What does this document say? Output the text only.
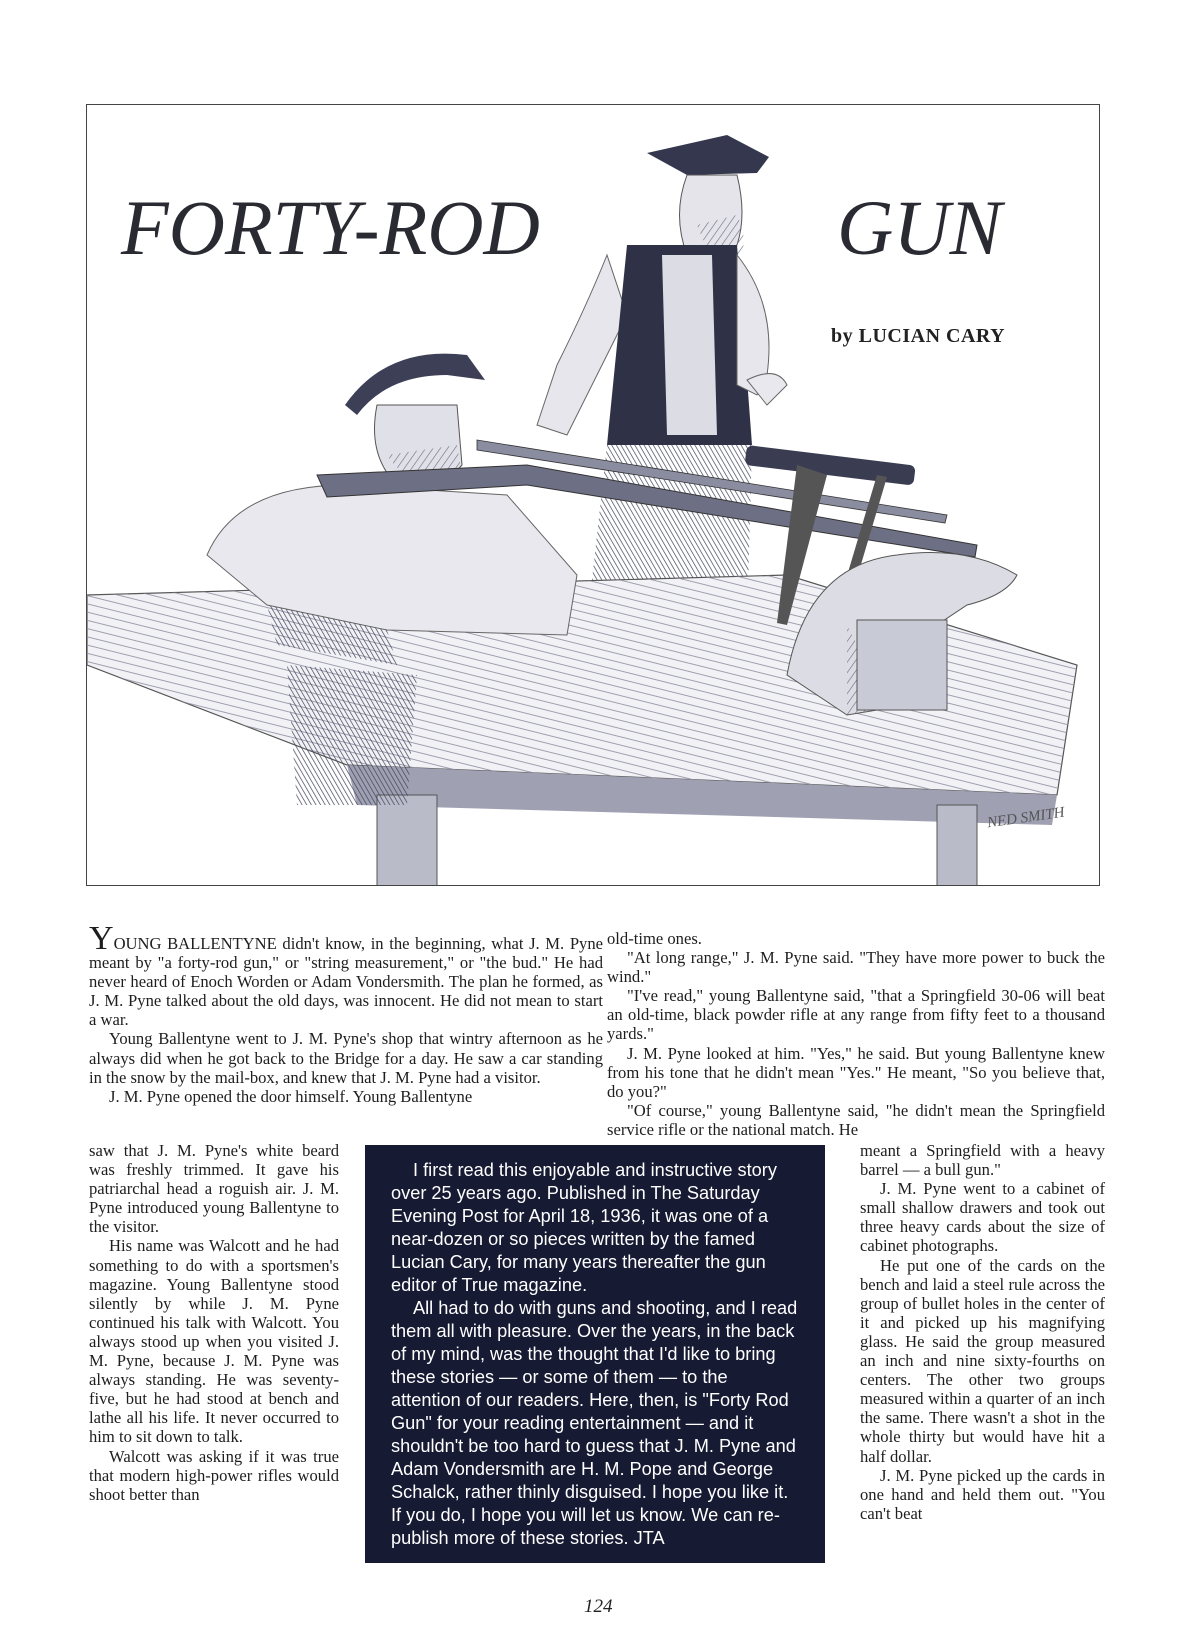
FORTY-ROD	GUN
by LUCIAN CARY
NED SMITH

YOUNG BALLENTYNE didn't know, in the beginning, what J. M. Pyne meant by "a forty-rod gun," or "string measurement," or "the bud." He had never heard of Enoch Worden or Adam Vondersmith. The plan he formed, as J. M. Pyne talked about the old days, was innocent. He did not mean to start a war.

Young Ballentyne went to J. M. Pyne's shop that wintry afternoon as he always did when he got back to the Bridge for a day. He saw a car standing in the snow by the mail-box, and knew that J. M. Pyne had a visitor.

J. M. Pyne opened the door himself. Young Ballentyne

saw that J. M. Pyne's white beard was freshly trimmed. It gave his patriarchal head a roguish air. J. M. Pyne introduced young Ballentyne to the visitor.

His name was Walcott and he had something to do with a sportsmen's magazine. Young Ballentyne stood silently by while J. M. Pyne continued his talk with Walcott. You always stood up when you visited J. M. Pyne, because J. M. Pyne was always standing. He was seventy-five, but he had stood at bench and lathe all his life. It never occurred to him to sit down to talk.

Walcott was asking if it was true that modern high-power rifles would shoot better than

old-time ones.

"At long range," J. M. Pyne said. "They have more power to buck the wind."

"I've read," young Ballentyne said, "that a Springfield 30-06 will beat an old-time, black powder rifle at any range from fifty feet to a thousand yards."

J. M. Pyne looked at him. "Yes," he said. But young Ballentyne knew from his tone that he didn't mean "Yes." He meant, "So you believe that, do you?"

"Of course," young Ballentyne said, "he didn't mean the Springfield service rifle or the national match. He

meant a Springfield with a heavy barrel — a bull gun."

J. M. Pyne went to a cabinet of small shallow drawers and took out three heavy cards about the size of cabinet photographs.

He put one of the cards on the bench and laid a steel rule across the group of bullet holes in the center of it and picked up his magnifying glass. He said the group measured an inch and nine sixty-fourths on centers. The other two groups measured within a quarter of an inch the same. There wasn't a shot in the whole thirty but would have hit a half dollar.

J. M. Pyne picked up the cards in one hand and held them out. "You can't beat

I first read this enjoyable and instructive story over 25 years ago. Published in The Saturday Evening Post for April 18, 1936, it was one of a near-dozen or so pieces written by the famed Lucian Cary, for many years thereafter the gun editor of True magazine.

All had to do with guns and shooting, and I read them all with pleasure. Over the years, in the back of my mind, was the thought that I'd like to bring these stories — or some of them — to the attention of our readers. Here, then, is "Forty Rod Gun" for your reading entertainment — and it shouldn't be too hard to guess that J. M. Pyne and Adam Vondersmith are H. M. Pope and George Schalck, rather thinly disguised. I hope you like it. If you do, I hope you will let us know. We can re-publish more of these stories. JTA

124
